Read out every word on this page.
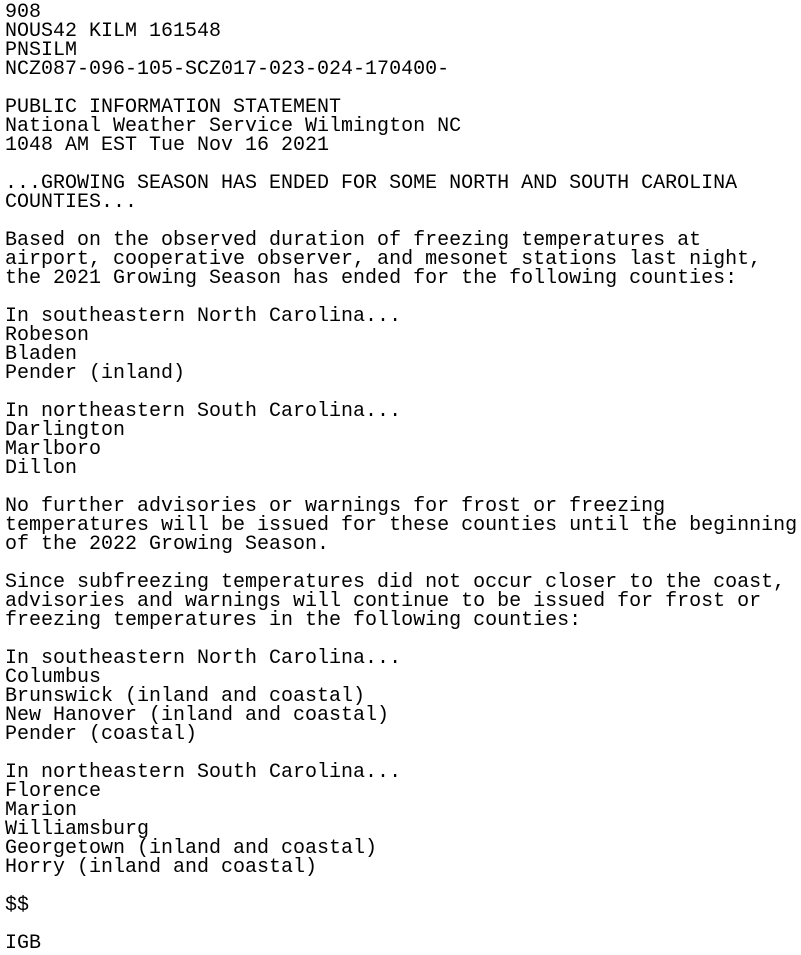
908
NOUS42 KILM 161548
PNSILM
NCZ087-096-105-SCZ017-023-024-170400-
PUBLIC INFORMATION STATEMENT
National Weather Service Wilmington NC
1048 AM EST Tue Nov 16 2021
...GROWING SEASON HAS ENDED FOR SOME NORTH AND SOUTH CAROLINA
COUNTIES...
Based on the observed duration of freezing temperatures at
airport, cooperative observer, and mesonet stations last night,
the 2021 Growing Season has ended for the following counties:
In southeastern North Carolina...
Robeson
Bladen
Pender (inland)
In northeastern South Carolina...
Darlington
Marlboro
Dillon
No further advisories or warnings for frost or freezing
temperatures will be issued for these counties until the beginning
of the 2022 Growing Season.
Since subfreezing temperatures did not occur closer to the coast,
advisories and warnings will continue to be issued for frost or
freezing temperatures in the following counties:
In southeastern North Carolina...
Columbus
Brunswick (inland and coastal)
New Hanover (inland and coastal)
Pender (coastal)
In northeastern South Carolina...
Florence
Marion
Williamsburg
Georgetown (inland and coastal)
Horry (inland and coastal)
$$
IGB
